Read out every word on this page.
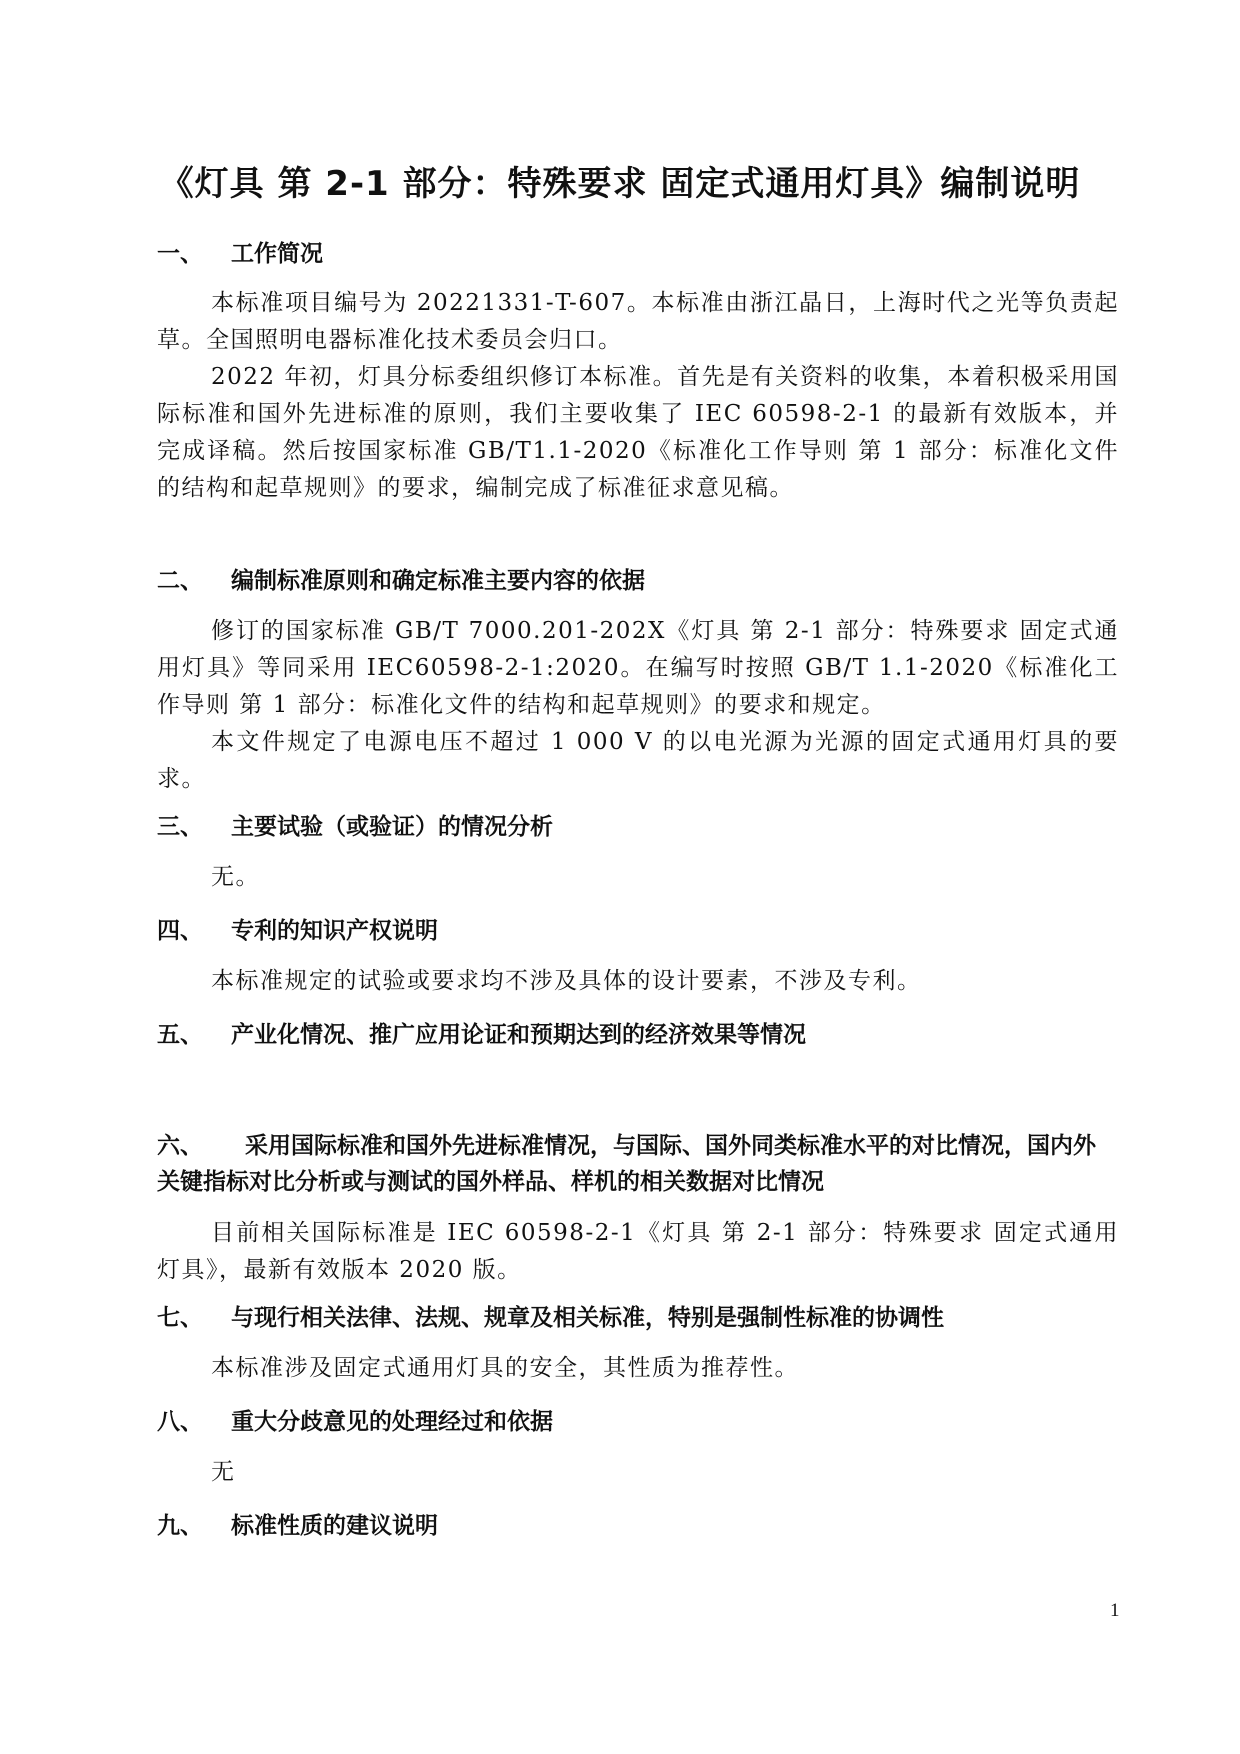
《灯具 第 2-1 部分：特殊要求 固定式通用灯具》编制说明
一、 工作简况
本标准项目编号为 20221331-T-607。本标准由浙江晶日，上海时代之光等负责起草。全国照明电器标准化技术委员会归口。
2022 年初，灯具分标委组织修订本标准。首先是有关资料的收集，本着积极采用国际标准和国外先进标准的原则，我们主要收集了 IEC 60598-2-1 的最新有效版本，并完成译稿。然后按国家标准 GB/T1.1-2020《标准化工作导则 第 1 部分：标准化文件的结构和起草规则》的要求，编制完成了标准征求意见稿。
二、 编制标准原则和确定标准主要内容的依据
修订的国家标准 GB/T 7000.201-202X《灯具 第 2-1 部分：特殊要求 固定式通用灯具》等同采用 IEC60598-2-1:2020。在编写时按照 GB/T 1.1-2020《标准化工作导则 第 1 部分：标准化文件的结构和起草规则》的要求和规定。
本文件规定了电源电压不超过 1 000 V 的以电光源为光源的固定式通用灯具的要求。
三、 主要试验（或验证）的情况分析
无。
四、 专利的知识产权说明
本标准规定的试验或要求均不涉及具体的设计要素，不涉及专利。
五、 产业化情况、推广应用论证和预期达到的经济效果等情况
六、 采用国际标准和国外先进标准情况，与国际、国外同类标准水平的对比情况，国内外关键指标对比分析或与测试的国外样品、样机的相关数据对比情况
目前相关国际标准是 IEC 60598-2-1《灯具 第 2-1 部分：特殊要求 固定式通用灯具》，最新有效版本 2020 版。
七、 与现行相关法律、法规、规章及相关标准，特别是强制性标准的协调性
本标准涉及固定式通用灯具的安全，其性质为推荐性。
八、 重大分歧意见的处理经过和依据
无
九、 标准性质的建议说明
1
